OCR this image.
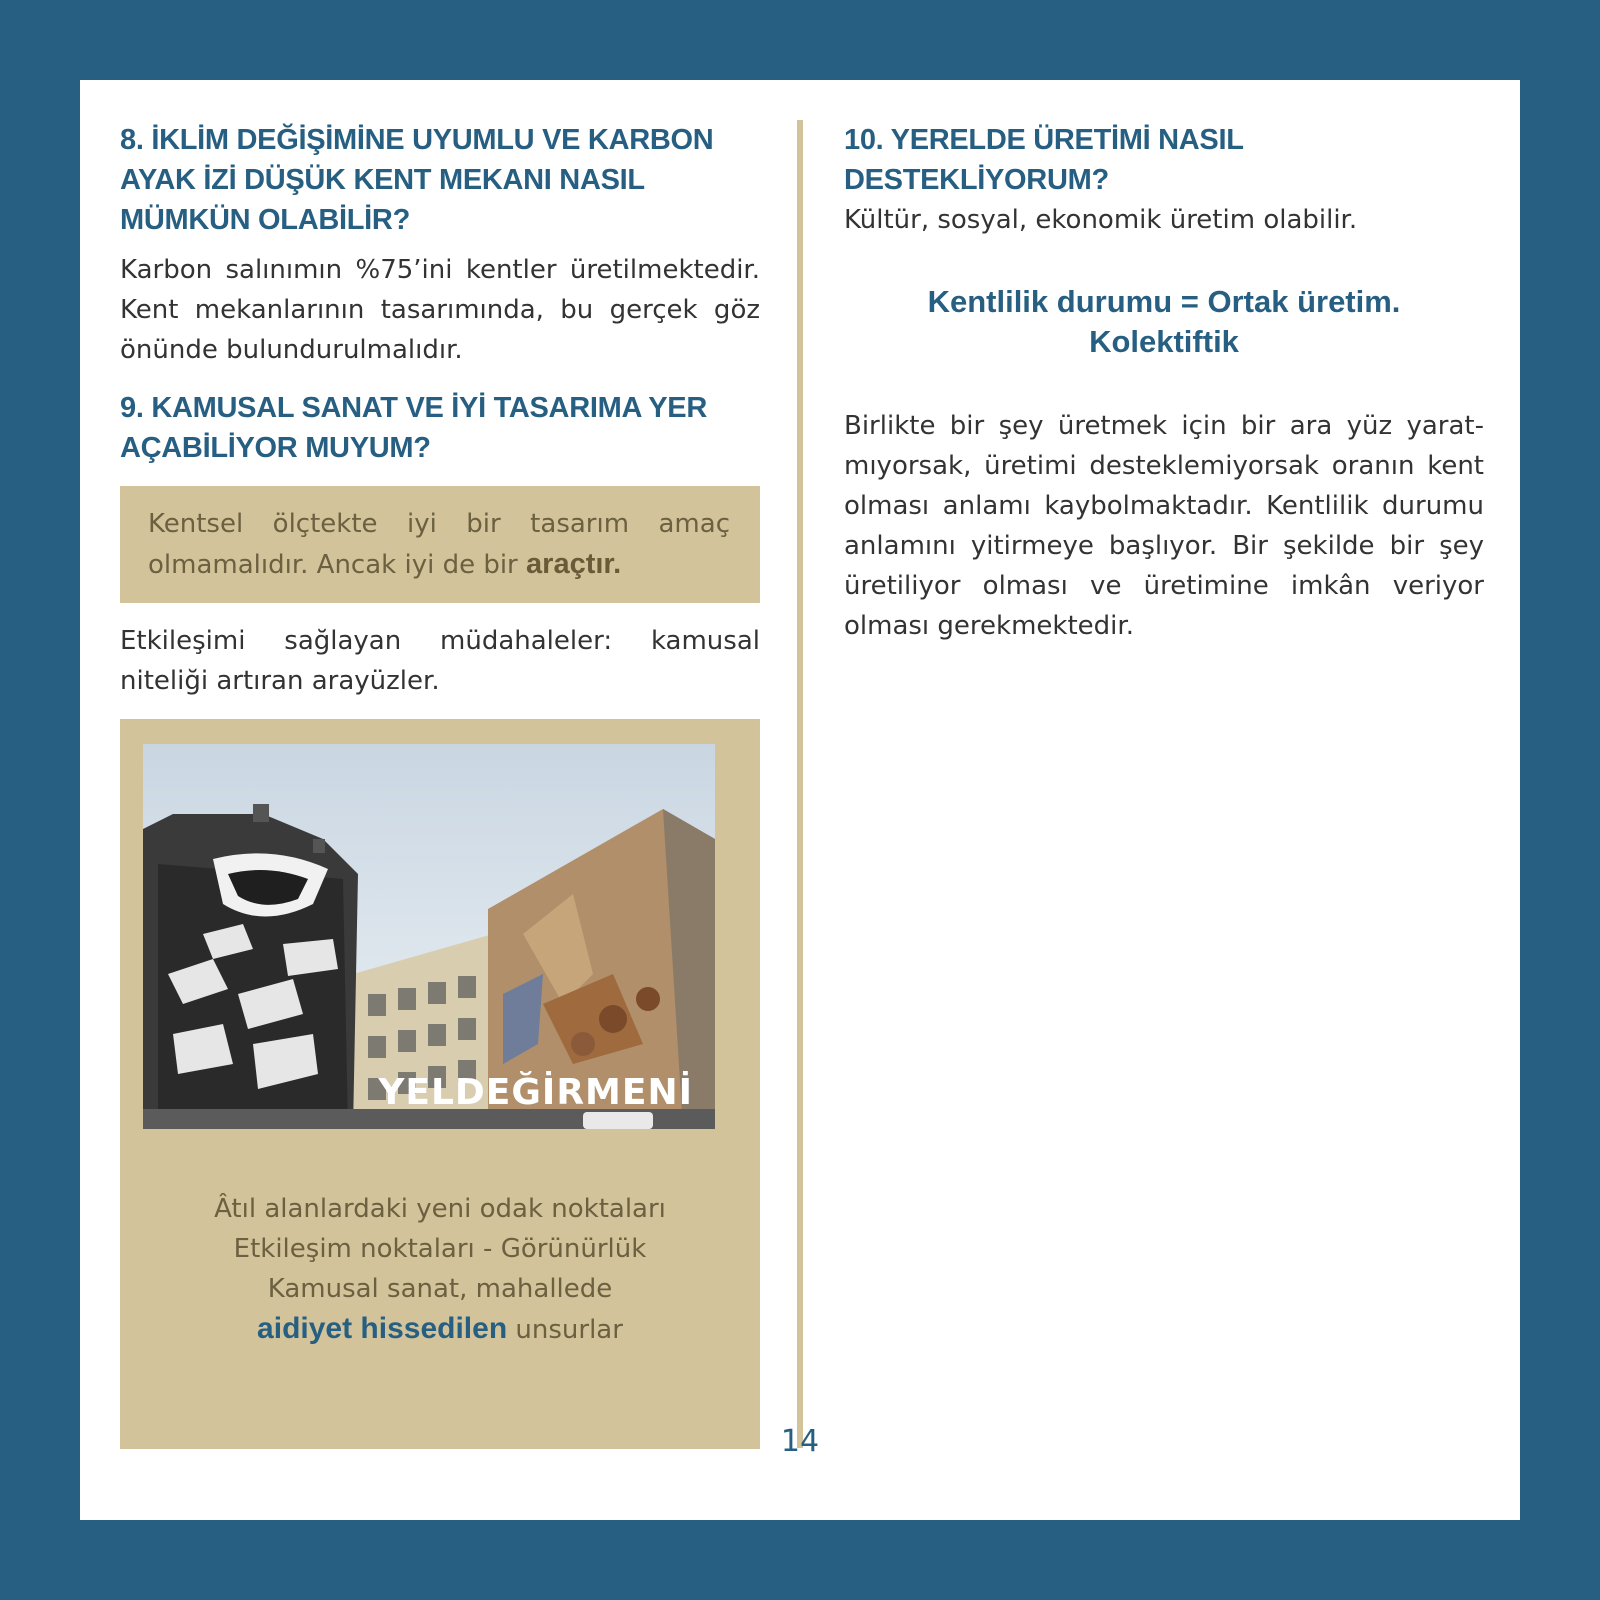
8. İKLİM DEĞİŞİMİNE UYUMLU VE KARBON AYAK İZİ DÜŞÜK KENT MEKANI NASIL MÜMKÜN OLABİLİR?

Karbon salınımın %75’ini kentler üretilmektedir. Kent mekanlarının tasarımında, bu gerçek göz önünde bulundurulmalıdır.

9. KAMUSAL SANAT VE İYİ TASARIMA YER AÇABİLİYOR MUYUM?

Kentsel ölçtekte iyi bir tasarım amaç olmamalıdır. Ancak iyi de bir araçtır.

Etkileşimi sağlayan müdahaleler: kamusal niteliği artıran arayüzler.

YELDEĞİRMENİ
Âtıl alanlardaki yeni odak noktaları
Etkileşim noktaları - Görünürlük
Kamusal sanat, mahallede
aidiyet hissedilen unsurlar
10. YERELDE ÜRETİMİ NASIL DESTEKLİYORUM?

Kültür, sosyal, ekonomik üretim olabilir.

Kentlilik durumu = Ortak üretim.
Kolektiftik

Birlikte bir şey üretmek için bir ara yüz yaratmıyorsak, üretimi desteklemiyorsak oranın kent olması anlamı kaybolmaktadır. Kentlilik durumu anlamını yitirmeye başlıyor. Bir şekilde bir şey üretiliyor olması ve üretimine imkân veriyor olması gerekmektedir.

14
